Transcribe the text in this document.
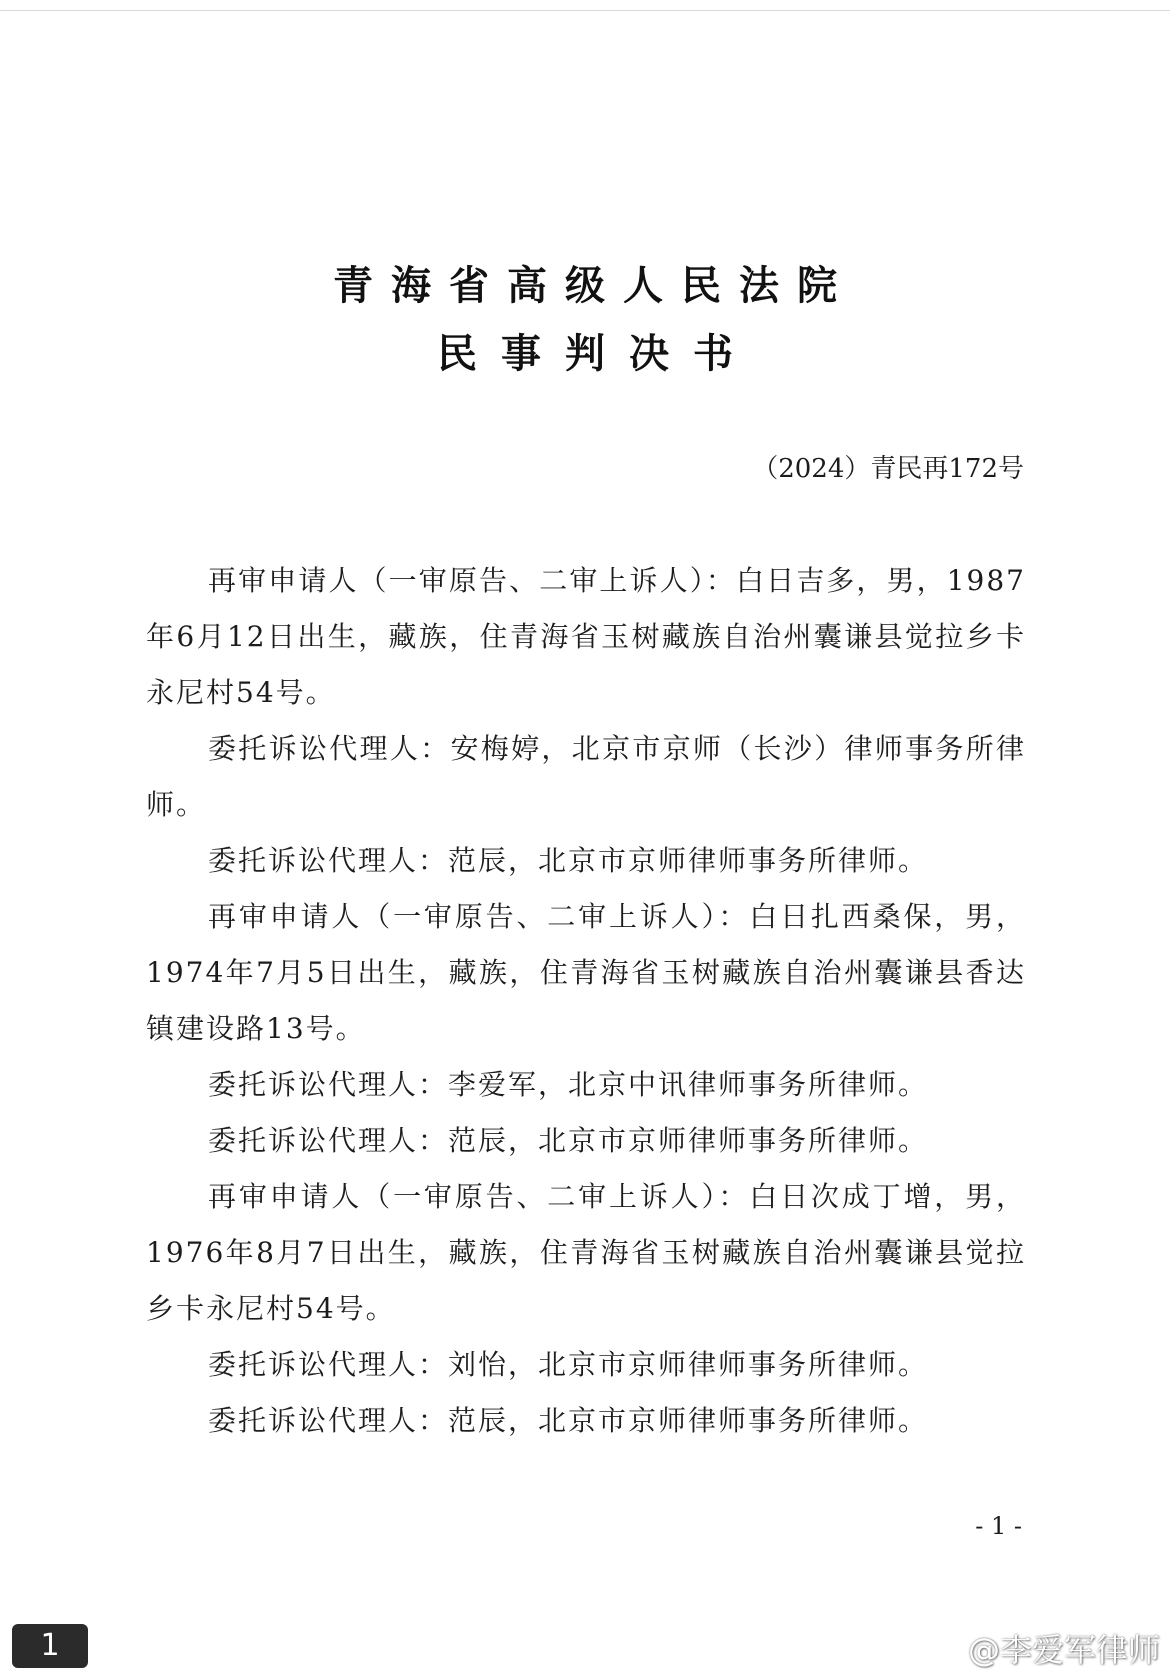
青海省高级人民法院
民事判决书
（2024）青民再172号

再审申请人（一审原告、二审上诉人）：白日吉多，男，1987年6月12日出生，藏族，住青海省玉树藏族自治州囊谦县觉拉乡卡永尼村54号。

委托诉讼代理人：安梅婷，北京市京师（长沙）律师事务所律师。

委托诉讼代理人：范辰，北京市京师律师事务所律师。

再审申请人（一审原告、二审上诉人）：白日扎西桑保，男，1974年7月5日出生，藏族，住青海省玉树藏族自治州囊谦县香达镇建设路13号。

委托诉讼代理人：李爱军，北京中讯律师事务所律师。

委托诉讼代理人：范辰，北京市京师律师事务所律师。

再审申请人（一审原告、二审上诉人）：白日次成丁增，男，1976年8月7日出生，藏族，住青海省玉树藏族自治州囊谦县觉拉乡卡永尼村54号。

委托诉讼代理人：刘怡，北京市京师律师事务所律师。

委托诉讼代理人：范辰，北京市京师律师事务所律师。

- 1 -
1	@李爱军律师
